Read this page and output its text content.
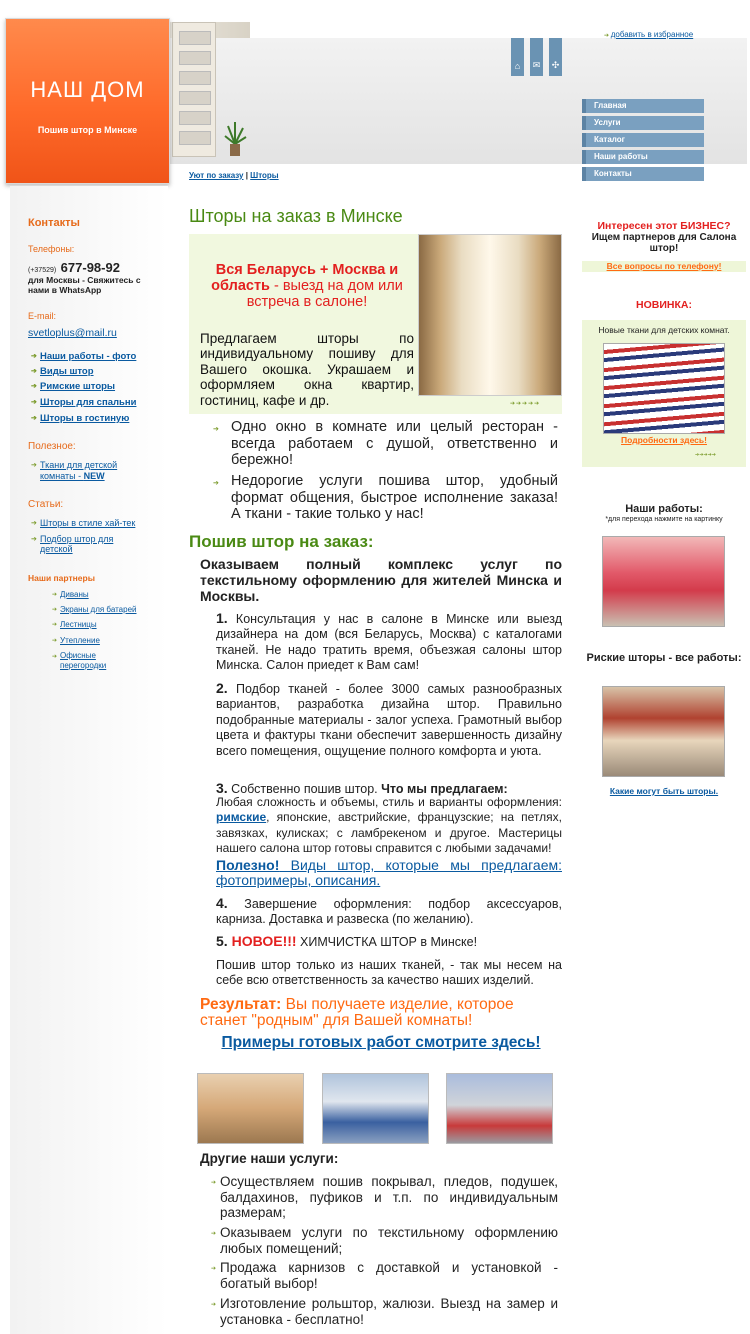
НАШ ДОМ
Пошив штор в Минске
⌂	✉	✣
➔ добавить в избранное
Главная
Услуги
Каталог
Наши работы
Контакты
Уют по заказу | Шторы
Контакты
Телефоны:
(+37529) 677-98-92
для Москвы - Свяжитесь с нами в WhatsApp
E-mail:
svetloplus@mail.ru
➔ Наши работы - фото
➔ Виды штор
➔ Римские шторы
➔ Шторы для спальни
➔ Шторы в гостиную
Полезное:
➔ Ткани для детской комнаты - NEW
Статьи:
➔ Шторы в стиле хай-тек
➔ Подбор штор для детской
Наши партнеры
➔ Диваны
➔ Экраны для батарей
➔ Лестницы
➔ Утепление
➔ Офисные перегородки
Шторы на заказ в Минске
➔➔➔➔➔
Вся Беларусь + Москва и область - выезд на дом или встреча в салоне!
Предлагаем шторы по индивидуальному пошиву для Вашего окошка. Украшаем и оформляем окна квартир, гостиниц, кафе и др.
➔ Одно окно в комнате или целый ресторан - всегда работаем с душой, ответственно и бережно!
➔ Недорогие услуги пошива штор, удобный формат общения, быстрое исполнение заказа! А ткани - такие только у нас!
Пошив штор на заказ:
Оказываем полный комплекс услуг по текстильному оформлению для жителей Минска и Москвы.
1. Консультация у нас в салоне в Минске или выезд дизайнера на дом (вся Беларусь, Москва) с каталогами тканей. Не надо тратить время, объезжая салоны штор Минска. Салон приедет к Вам сам!
2. Подбор тканей - более 3000 самых разнообразных вариантов, разработка дизайна штор. Правильно подобранные материалы - залог успеха. Грамотный выбор цвета и фактуры ткани обеспечит завершенность дизайну всего помещения, ощущение полного комфорта и уюта.
3. Собственно пошив штор. Что мы предлагаем:
Любая сложность и объемы, стиль и варианты оформления: римские, японские, австрийские, французские; на петлях, завязках, кулисках; с ламбрекеном и другое. Мастерицы нашего салона штор готовы справится с любыми задачами!
Полезно! Виды штор, которые мы предлагаем: фотопримеры, описания.
4. Завершение оформления: подбор аксессуаров, карниза. Доставка и развеска (по желанию).
5. НОВОЕ!!! ХИМЧИСТКА ШТОР в Минске!
Пошив штор только из наших тканей, - так мы несем на себе всю ответственность за качество наших изделий.
Результат: Вы получаете изделие, которое станет "родным" для Вашей комнаты!
Примеры готовых работ смотрите здесь!
Другие наши услуги:
➔ Осуществляем пошив покрывал, пледов, подушек, балдахинов, пуфиков и т.п. по индивидуальным размерам;
➔ Оказываем услуги по текстильному оформлению любых помещений;
➔ Продажа карнизов с доставкой и установкой - богатый выбор!
➔ Изготовление рольштор, жалюзи. Выезд на замер и установка - бесплатно!
Интересен этот БИЗНЕС?
Ищем партнеров для Салона штор!
Все вопросы по телефону!
НОВИНКА:
Новые ткани для детских комнат.
Подробности здесь!
➔➔➔➔➔
Наши работы:
*для перехода нажмите на картинку
Риские шторы - все работы:
Какие могут быть шторы.
